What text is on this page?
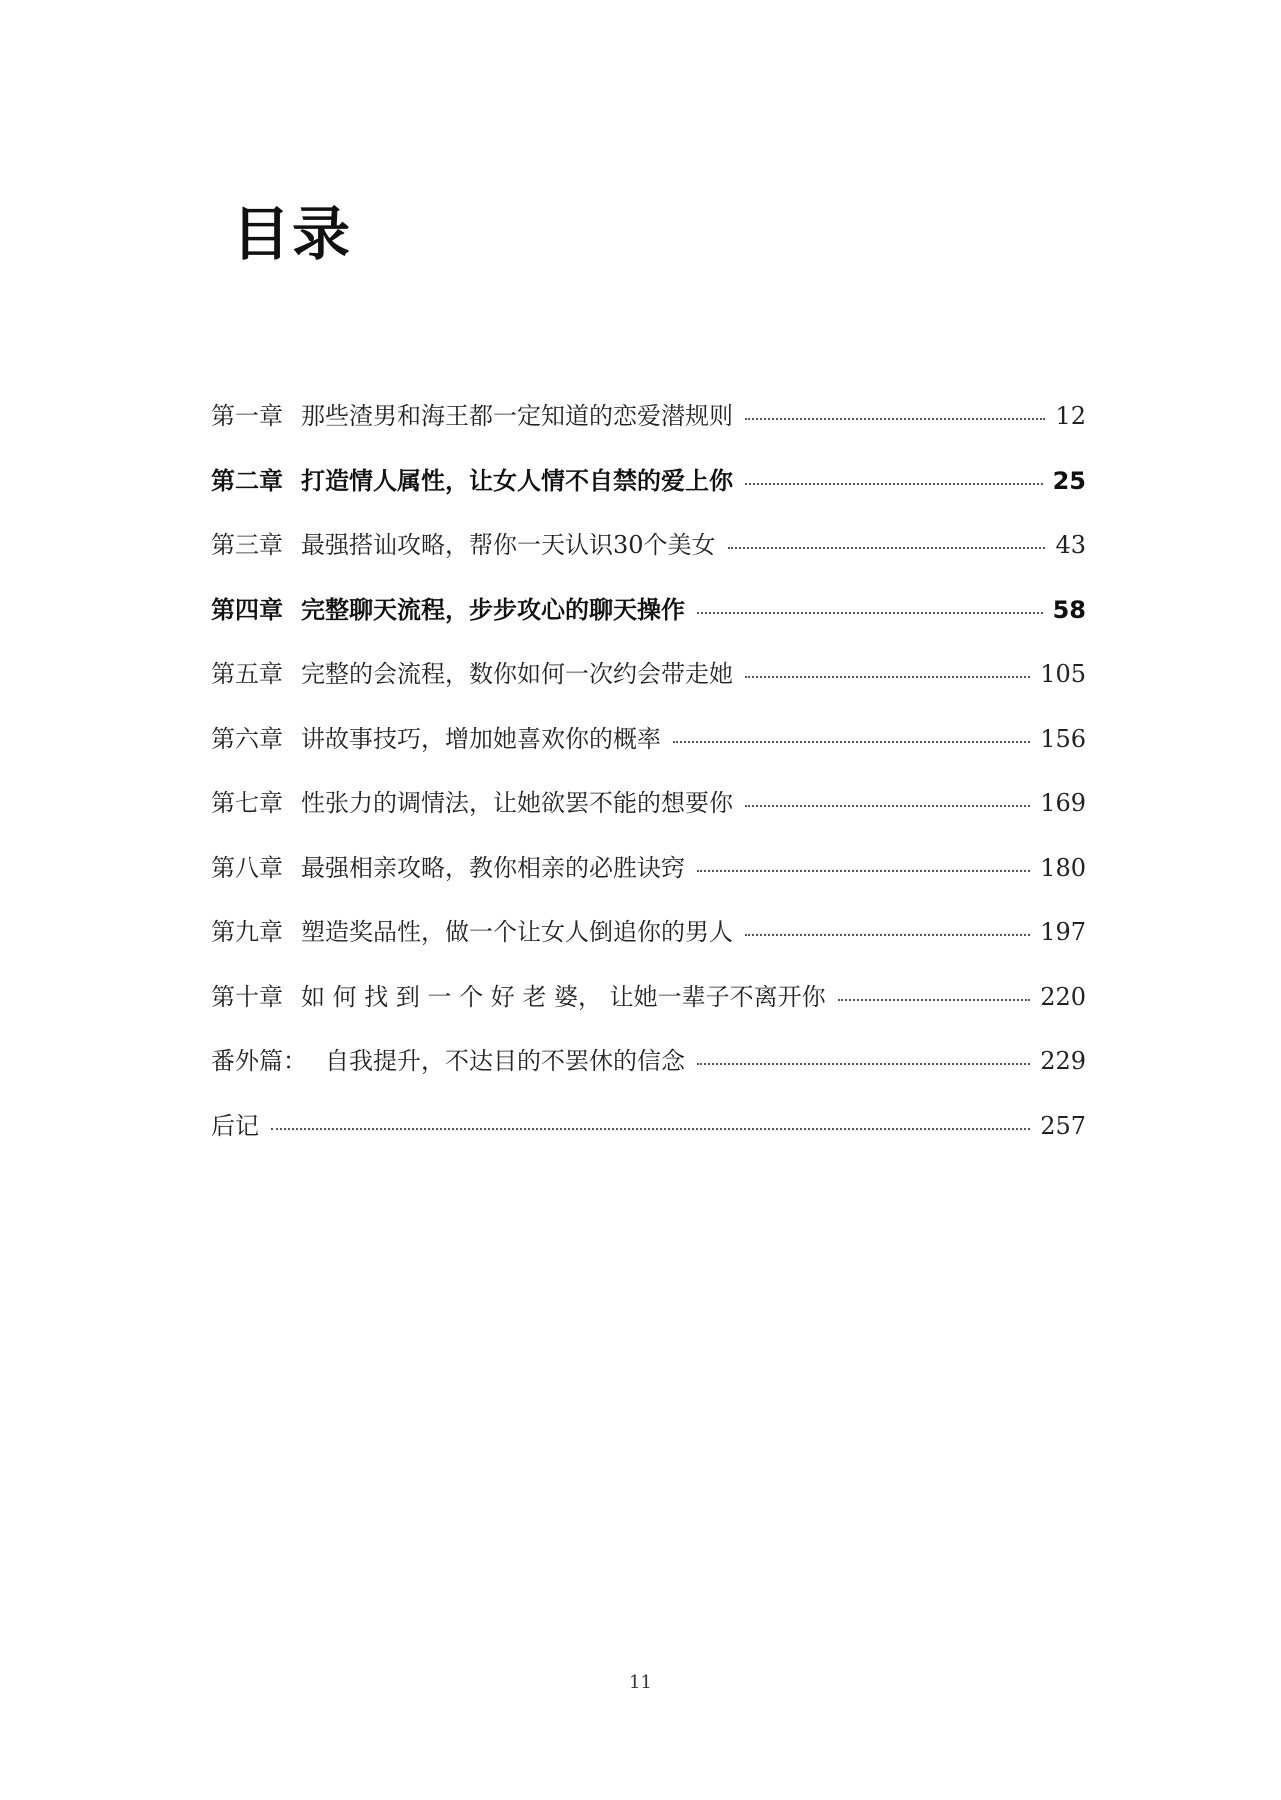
目录
第一章 那些渣男和海王都一定知道的恋爱潜规则	12
第二章 打造情人属性，让女人情不自禁的爱上你	25
第三章 最强搭讪攻略，帮你一天认识30个美女	43
第四章 完整聊天流程，步步攻心的聊天操作	58
第五章 完整的会流程，数你如何一次约会带走她	105
第六章 讲故事技巧，增加她喜欢你的概率	156
第七章 性张力的调情法，让她欲罢不能的想要你	169
第八章 最强相亲攻略，教你相亲的必胜诀窍	180
第九章 塑造奖品性，做一个让女人倒追你的男人	197
第十章 如 何 找 到 一 个 好 老 婆， 让她一辈子不离开你	220
番外篇： 自我提升，不达目的不罢休的信念	229
后记	257
11
